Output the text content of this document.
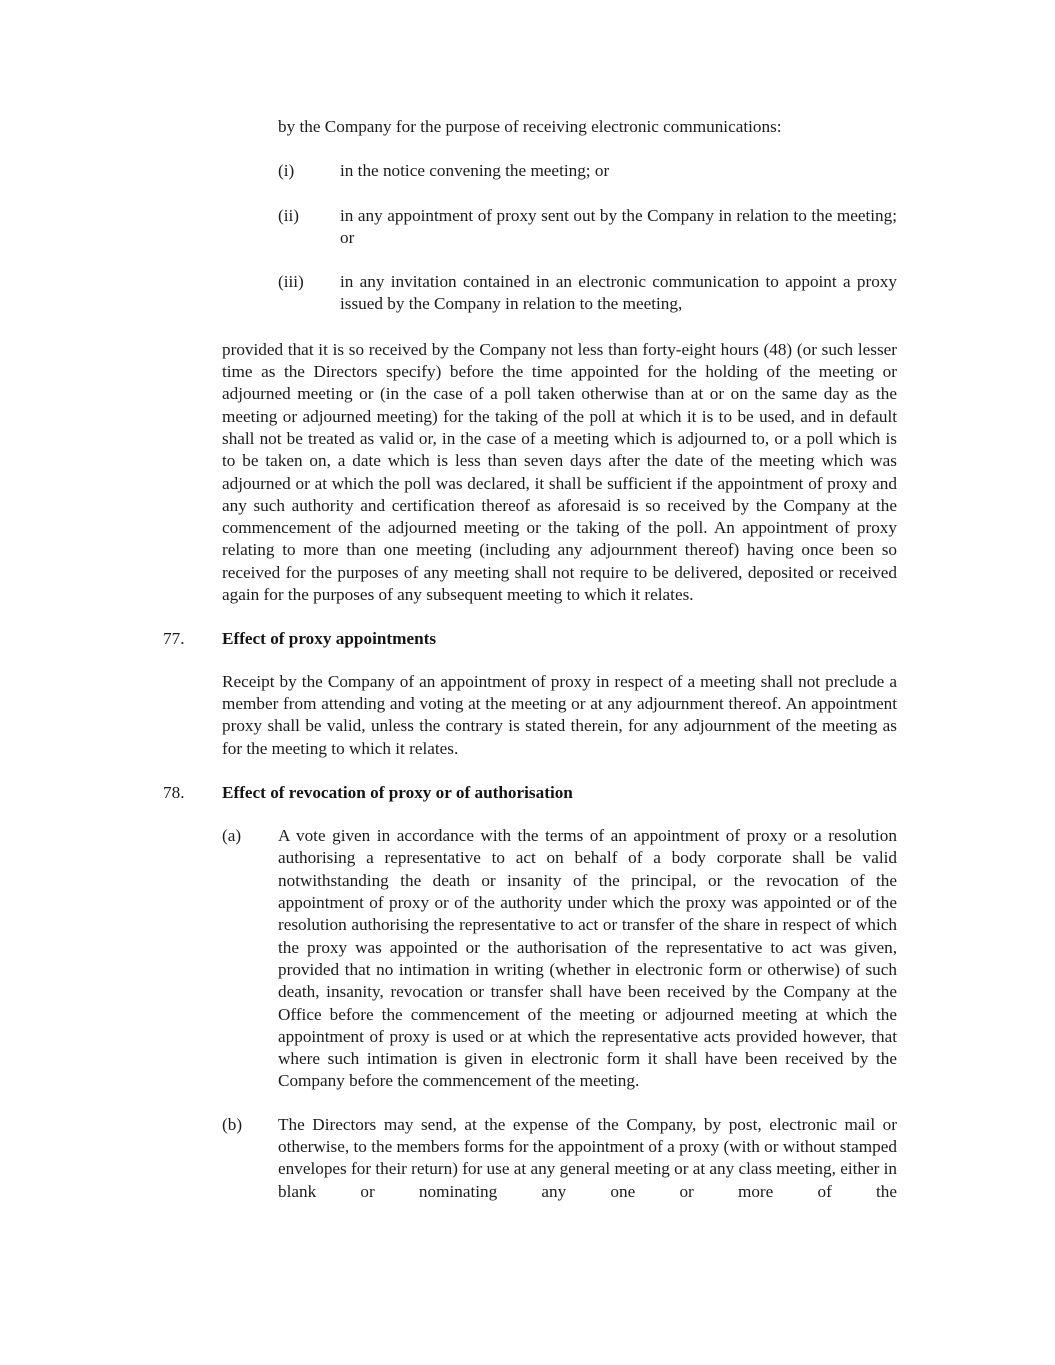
by the Company for the purpose of receiving electronic communications:

(i)	in the notice convening the meeting; or
(ii)	in any appointment of proxy sent out by the Company in relation to the meeting; or
(iii)	in any invitation contained in an electronic communication to appoint a proxy issued by the Company in relation to the meeting,

provided that it is so received by the Company not less than forty-eight hours (48) (or such lesser time as the Directors specify) before the time appointed for the holding of the meeting or adjourned meeting or (in the case of a poll taken otherwise than at or on the same day as the meeting or adjourned meeting) for the taking of the poll at which it is to be used, and in default shall not be treated as valid or, in the case of a meeting which is adjourned to, or a poll which is to be taken on, a date which is less than seven days after the date of the meeting which was adjourned or at which the poll was declared, it shall be sufficient if the appointment of proxy and any such authority and certification thereof as aforesaid is so received by the Company at the commencement of the adjourned meeting or the taking of the poll. An appointment of proxy relating to more than one meeting (including any adjournment thereof) having once been so received for the purposes of any meeting shall not require to be delivered, deposited or received again for the purposes of any subsequent meeting to which it relates.

77.	Effect of proxy appointments

Receipt by the Company of an appointment of proxy in respect of a meeting shall not preclude a member from attending and voting at the meeting or at any adjournment thereof. An appointment proxy shall be valid, unless the contrary is stated therein, for any adjournment of the meeting as for the meeting to which it relates.

78.	Effect of revocation of proxy or of authorisation
(a)	A vote given in accordance with the terms of an appointment of proxy or a resolution authorising a representative to act on behalf of a body corporate shall be valid notwithstanding the death or insanity of the principal, or the revocation of the appointment of proxy or of the authority under which the proxy was appointed or of the resolution authorising the representative to act or transfer of the share in respect of which the proxy was appointed or the authorisation of the representative to act was given, provided that no intimation in writing (whether in electronic form or otherwise) of such death, insanity, revocation or transfer shall have been received by the Company at the Office before the commencement of the meeting or adjourned meeting at which the appointment of proxy is used or at which the representative acts provided however, that where such intimation is given in electronic form it shall have been received by the Company before the commencement of the meeting.
(b)	The Directors may send, at the expense of the Company, by post, electronic mail or otherwise, to the members forms for the appointment of a proxy (with or without stamped envelopes for their return) for use at any general meeting or at any class meeting, either in blank or nominating any one or more of the
